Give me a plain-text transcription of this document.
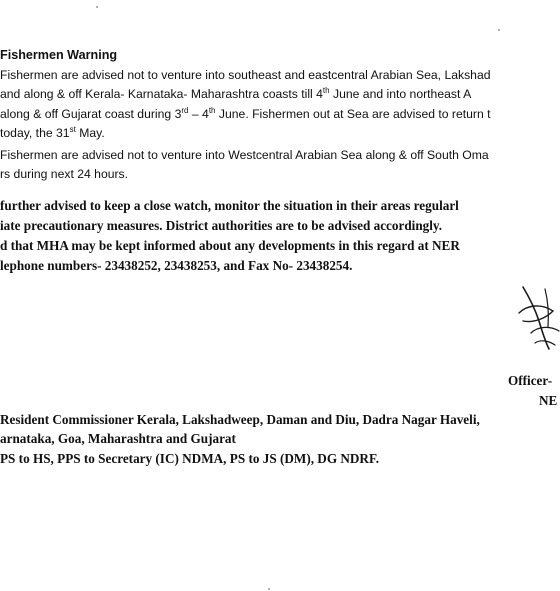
Fishermen Warning

Fishermen are advised not to venture into southeast and eastcentral Arabian Sea, Lakshad

and along & off Kerala- Karnataka- Maharashtra coasts till 4th June and into northeast A

along & off Gujarat coast during 3rd – 4th June. Fishermen out at Sea are advised to return t

today, the 31st May.

Fishermen are advised not to venture into Westcentral Arabian Sea along & off South Oma

rs during next 24 hours.

further advised to keep a close watch, monitor the situation in their areas regularl

iate precautionary measures. District authorities are to be advised accordingly.

d that MHA may be kept informed about any developments in this regard at NER

lephone numbers- 23438252, 23438253, and Fax No- 23438254.

Officer-

NE

Resident Commissioner Kerala, Lakshadweep, Daman and Diu, Dadra Nagar Haveli,

arnataka, Goa, Maharashtra and Gujarat

PS to HS, PPS to Secretary (IC) NDMA, PS to JS (DM), DG NDRF.
